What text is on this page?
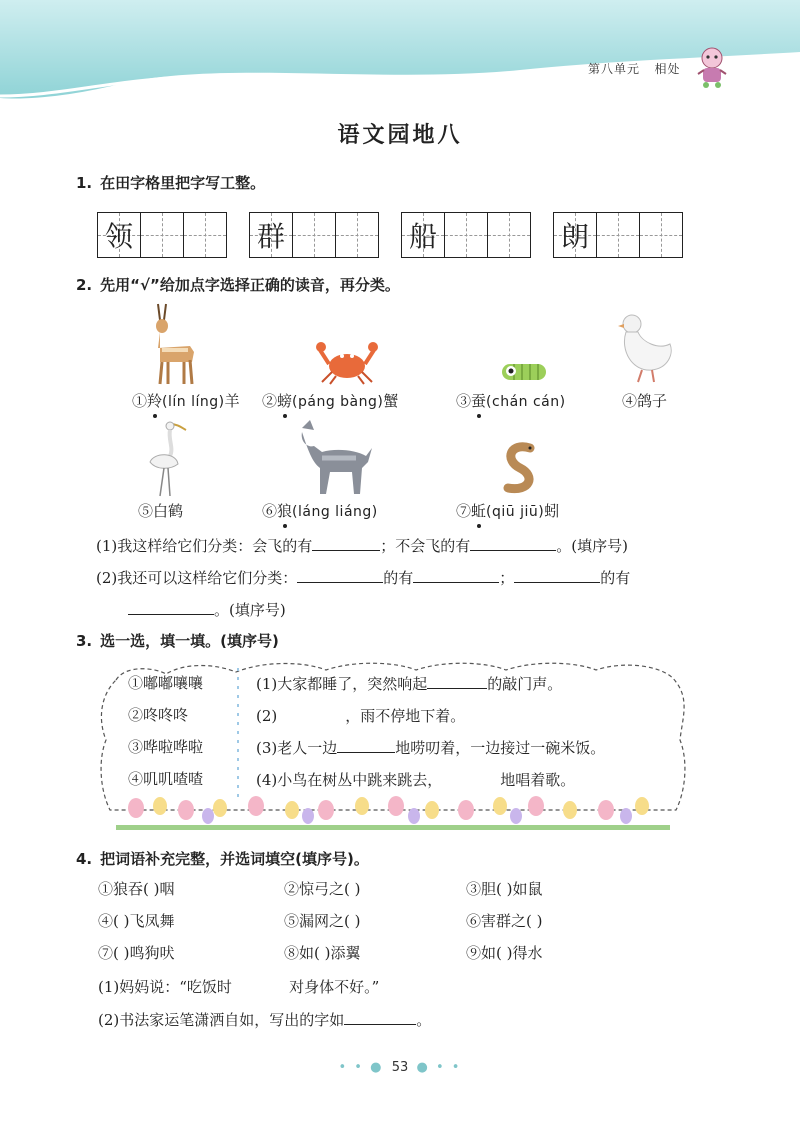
第八单元 相处
语文园地八
1. 在田字格里把字写工整。
领	群	船	朗
2. 先用“√”给加点字选择正确的读音，再分类。
①羚(lín líng)羊 ②螃(páng bàng)蟹	③蚕(chán cán)	④鸽子
⑤白鹤	⑥狼(láng liáng)	⑦蚯(qiū jiū)蚓
(1)我这样给它们分类：会飞的有	；不会飞的有	。(填序号)
(2)我还可以这样给它们分类：	的有	；	的有
。(填序号)
3. 选一选，填一填。(填序号)
①嘟嘟嚷嚷
②咚咚咚
③哗啦哗啦
④叽叽喳喳
(1)大家都睡了，突然响起	的敲门声。
(2)	，雨不停地下着。
(3)老人一边	地唠叨着，一边接过一碗米饭。
(4)小鸟在树丛中跳来跳去，	地唱着歌。
4. 把词语补充完整，并选词填空(填序号)。
①狼吞( )咽	②惊弓之( )	③胆( )如鼠
④( )飞凤舞	⑤漏网之( )	⑥害群之( )
⑦( )鸣狗吠	⑧如( )添翼	⑨如( )得水
(1)妈妈说：“吃饭时            对身体不好。”
(2)书法家运笔潇洒自如，写出的字如	。
• • ● 53 ● • •
